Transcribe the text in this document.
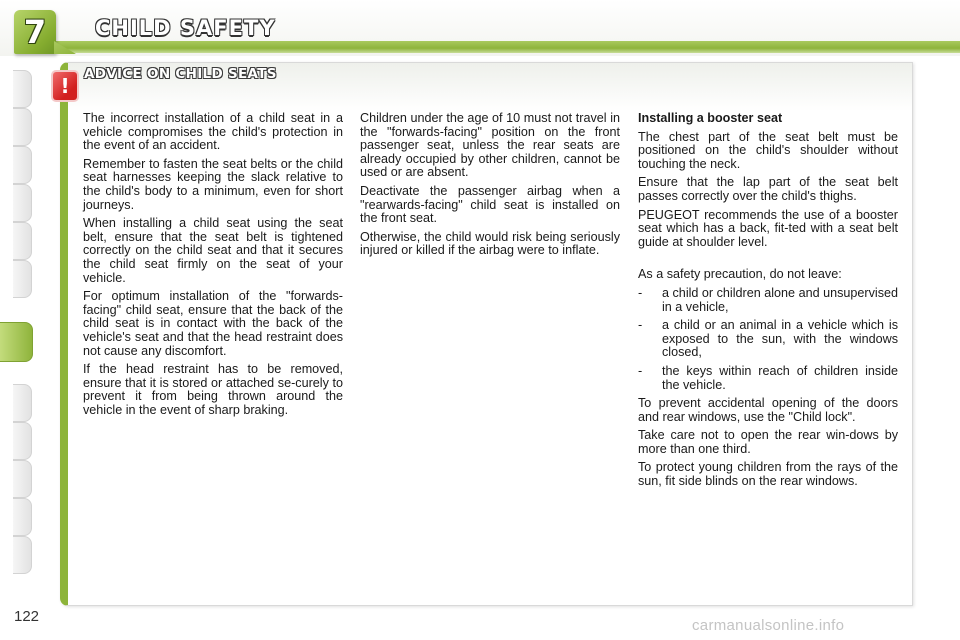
7	CHILD SAFETY
!	ADVICE ON CHILD SEATS

The incorrect installation of a child seat in a vehicle compromises the child's protection in the event of an accident.

Remember to fasten the seat belts or the child seat harnesses keeping the slack relative to the child's body to a minimum, even for short journeys.

When installing a child seat using the seat belt, ensure that the seat belt is tightened correctly on the child seat and that it secures the child seat firmly on the seat of your vehicle.

For optimum installation of the "forwards-facing" child seat, ensure that the back of the child seat is in contact with the back of the vehicle's seat and that the head restraint does not cause any discomfort.

If the head restraint has to be removed, ensure that it is stored or attached se-curely to prevent it from being thrown around the vehicle in the event of sharp braking.

Children under the age of 10 must not travel in the "forwards-facing" position on the front passenger seat, unless the rear seats are already occupied by other children, cannot be used or are absent.

Deactivate the passenger airbag when a "rearwards-facing" child seat is installed on the front seat.

Otherwise, the child would risk being seriously injured or killed if the airbag were to inflate.

Installing a booster seat

The chest part of the seat belt must be positioned on the child's shoulder without touching the neck.

Ensure that the lap part of the seat belt passes correctly over the child's thighs.

PEUGEOT recommends the use of a booster seat which has a back, fit-ted with a seat belt guide at shoulder level.

As a safety precaution, do not leave:

- a child or children alone and unsupervised in a vehicle,
- a child or an animal in a vehicle which is exposed to the sun, with the windows closed,
- the keys within reach of children inside the vehicle.

To prevent accidental opening of the doors and rear windows, use the "Child lock".

Take care not to open the rear win-dows by more than one third.

To protect young children from the rays of the sun, fit side blinds on the rear windows.

122
carmanualsonline.info
